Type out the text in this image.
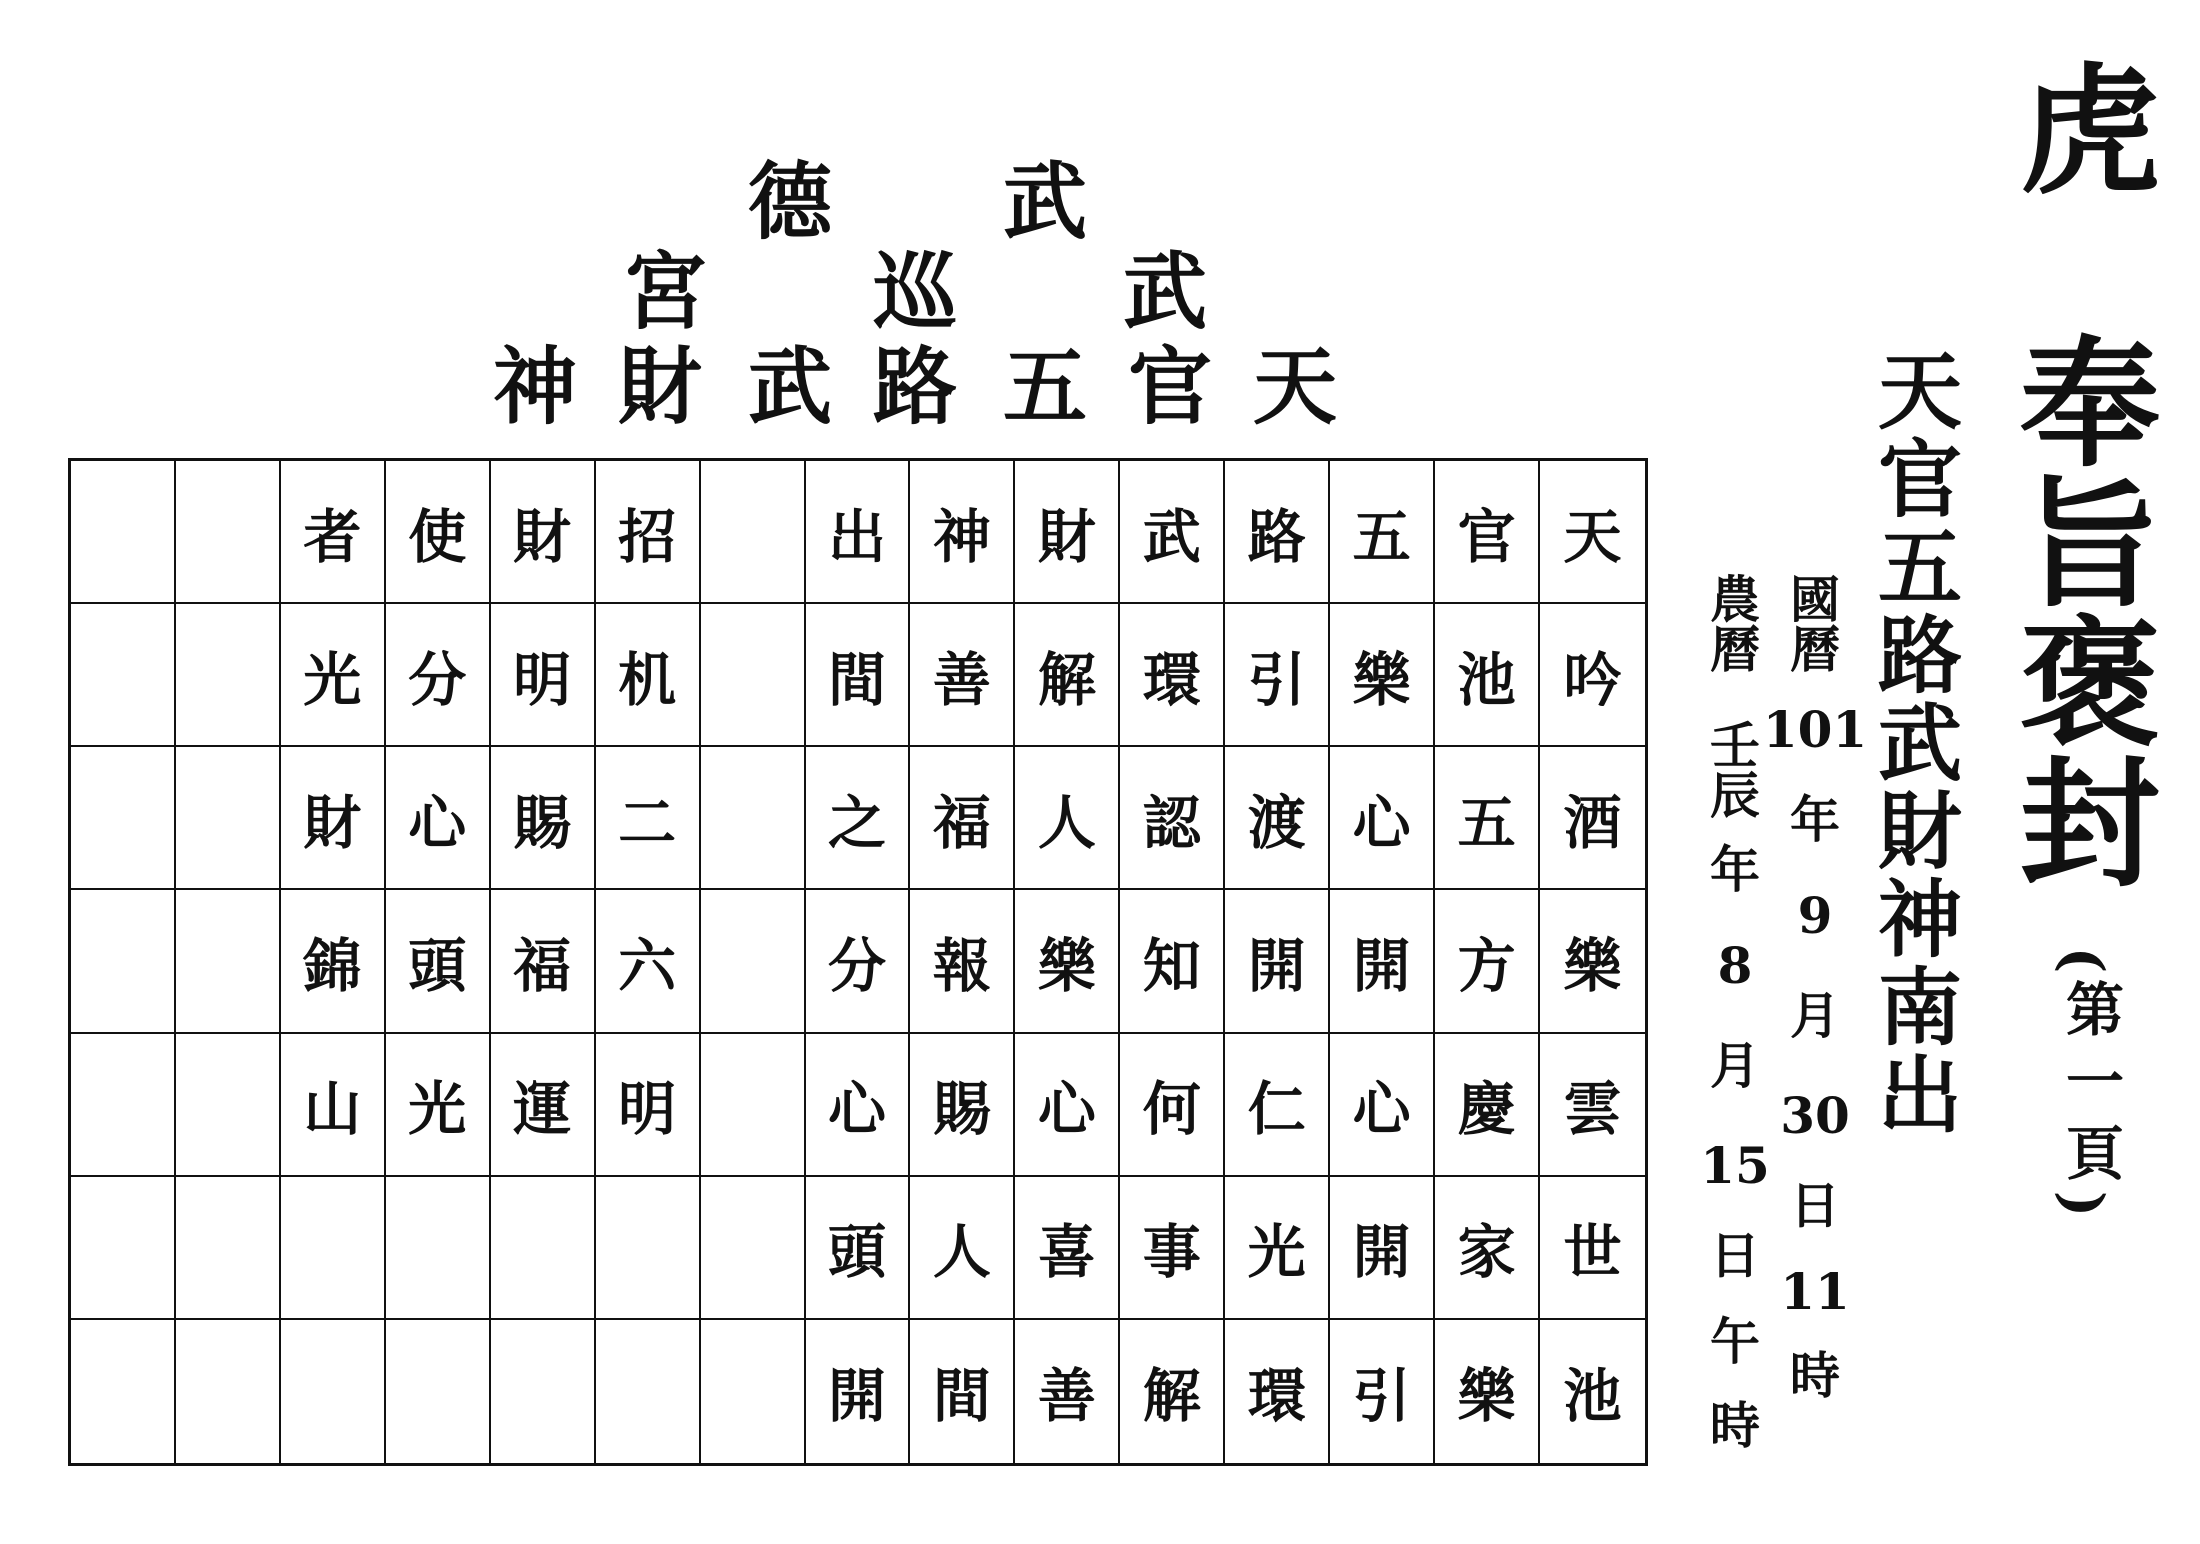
德 武
宮 巡 武
神 財 武 路 五 官 天
者 使 財 招	出 神 財 武 路 五 官 天
光 分 明 机	間 善 解 環 引 樂 池 吟
財 心 賜 二	之 福 人 認 渡 心 五 酒
錦 頭 福 六	分 報 樂 知 開 開 方 樂
山 光 運 明	心 賜 心 何 仁 心 慶 雲
頭 人 喜 事 光 開 家 世
開 間 善 解 環 引 樂 池
農
曆
壬
辰
年
8
月
15
日
午
時
國
曆
101
年
9
月
30
日
11
時
天
官
五
路
武
財
神
南
出
虎
奉
旨
褒
封
(
第
一
頁
)
